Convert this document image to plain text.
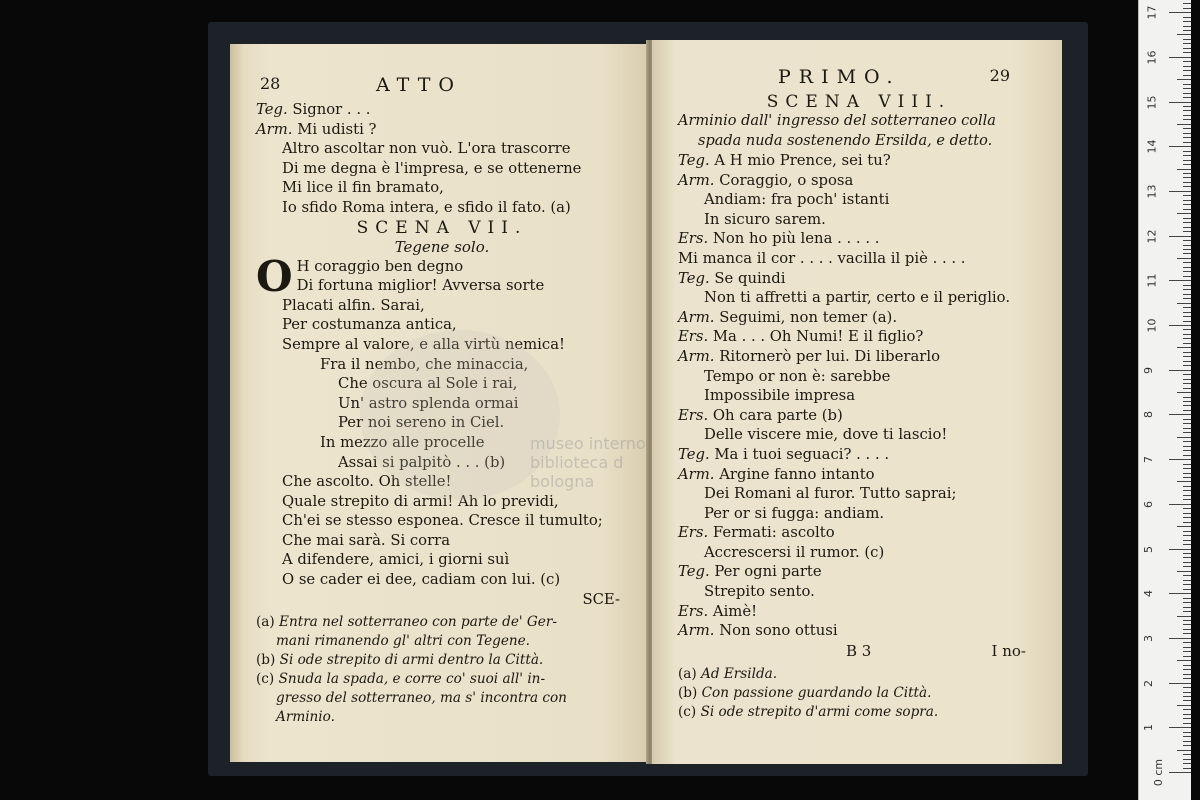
28	ATTO
Teg. Signor . . .
Arm. Mi udisti ?
Altro ascoltar non vuò. L'ora trascorre
Di me degna è l'impresa, e se ottenerne
Mi lice il fin bramato,
Io sfido Roma intera, e sfido il fato. (a)
SCENA VII.
Tegene solo.
O H coraggio ben degno
Di fortuna miglior! Avversa sorte
Placati alfin. Sarai,
Per costumanza antica,
Sempre al valore, e alla virtù nemica!
Fra il nembo, che minaccia,
Che oscura al Sole i rai,
Un' astro splenda ormai
Per noi sereno in Ciel.
In mezzo alle procelle
Assai si palpitò . . . (b)
Che ascolto. Oh stelle!
Quale strepito di armi! Ah lo previdi,
Ch'ei se stesso esponea. Cresce il tumulto;
Che mai sarà. Si corra
A difendere, amici, i giorni suì
O se cader ei dee, cadiam con lui. (c)
SCE-
(a) Entra nel sotterraneo con parte de' Ger-
mani rimanendo gl' altri con Tegene.
(b) Si ode strepito di armi dentro la Città.
(c) Snuda la spada, e corre co' suoi all' in-
gresso del sotterraneo, ma s' incontra con
Arminio.
PRIMO.	29
SCENA VIII.
Arminio dall' ingresso del sotterraneo colla
spada nuda sostenendo Ersilda, e detto.
Teg. A H mio Prence, sei tu?
Arm. Coraggio, o sposa
Andiam: fra poch' istanti
In sicuro sarem.
Ers. Non ho più lena . . . . .
Mi manca il cor . . . . vacilla il piè . . . .
Teg. Se quindi
Non ti affretti a partir, certo e il periglio.
Arm. Seguimi, non temer (a).
Ers. Ma . . . Oh Numi! E il figlio?
Arm. Ritornerò per lui. Di liberarlo
Tempo or non è: sarebbe
Impossibile impresa
Ers. Oh cara parte (b)
Delle viscere mie, dove ti lascio!
Teg. Ma i tuoi seguaci? . . . .
Arm. Argine fanno intanto
Dei Romani al furor. Tutto saprai;
Per or si fugga: andiam.
Ers. Fermati: ascolto
Accrescersi il rumor. (c)
Teg. Per ogni parte
Strepito sento.
Ers. Aimè!
Arm. Non sono ottusi
B 3	I no-
(a) Ad Ersilda.
(b) Con passione guardando la Città.
(c) Si ode strepito d'armi come sopra.
museo interno
biblioteca d
bologna
0 cm
1
2
3
4
5
6
7
8
9
10
11
12
13
14
15
16
17
